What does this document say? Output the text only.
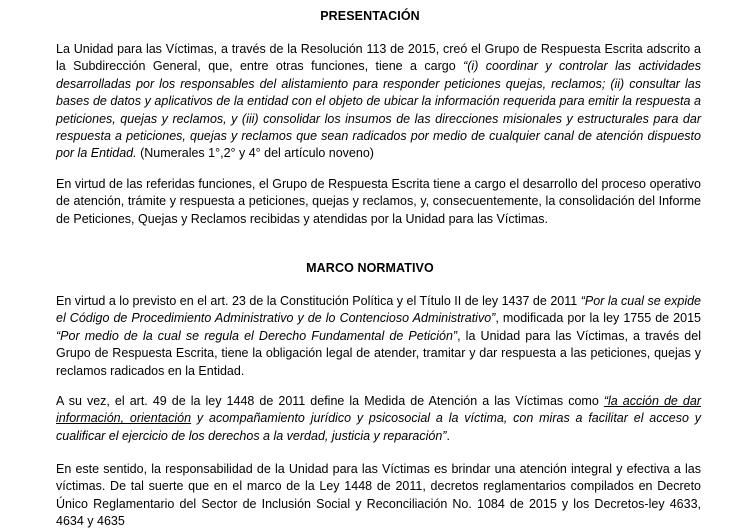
PRESENTACIÓN

La Unidad para las Víctimas, a través de la Resolución 113 de 2015, creó el Grupo de Respuesta Escrita adscrito a la Subdirección General, que, entre otras funciones, tiene a cargo “(i) coordinar y controlar las actividades desarrolladas por los responsables del alistamiento para responder peticiones quejas, reclamos; (ii) consultar las bases de datos y aplicativos de la entidad con el objeto de ubicar la información requerida para emitir la respuesta a peticiones, quejas y reclamos, y (iii) consolidar los insumos de las direcciones misionales y estructurales para dar respuesta a peticiones, quejas y reclamos que sean radicados por medio de cualquier canal de atención dispuesto por la Entidad. (Numerales 1°,2° y 4° del artículo noveno)

En virtud de las referidas funciones, el Grupo de Respuesta Escrita tiene a cargo el desarrollo del proceso operativo de atención, trámite y respuesta a peticiones, quejas y reclamos, y, consecuentemente, la consolidación del Informe de Peticiones, Quejas y Reclamos recibidas y atendidas por la Unidad para las Víctimas.

MARCO NORMATIVO

En virtud a lo previsto en el art. 23 de la Constitución Política y el Título II de ley 1437 de 2011 “Por la cual se expide el Código de Procedimiento Administrativo y de lo Contencioso Administrativo”, modificada por la ley 1755 de 2015 “Por medio de la cual se regula el Derecho Fundamental de Petición”, la Unidad para las Víctimas, a través del Grupo de Respuesta Escrita, tiene la obligación legal de atender, tramitar y dar respuesta a las peticiones, quejas y reclamos radicados en la Entidad.

A su vez, el art. 49 de la ley 1448 de 2011 define la Medida de Atención a las Víctimas como “la acción de dar información, orientación y acompañamiento jurídico y psicosocial a la víctima, con miras a facilitar el acceso y cualificar el ejercicio de los derechos a la verdad, justicia y reparación”.

En este sentido, la responsabilidad de la Unidad para las Víctimas es brindar una atención integral y efectiva a las víctimas. De tal suerte que en el marco de la Ley 1448 de 2011, decretos reglamentarios compilados en Decreto Único Reglamentario del Sector de Inclusión Social y Reconciliación No. 1084 de 2015 y los Decretos-ley 4633, 4634 y 4635
